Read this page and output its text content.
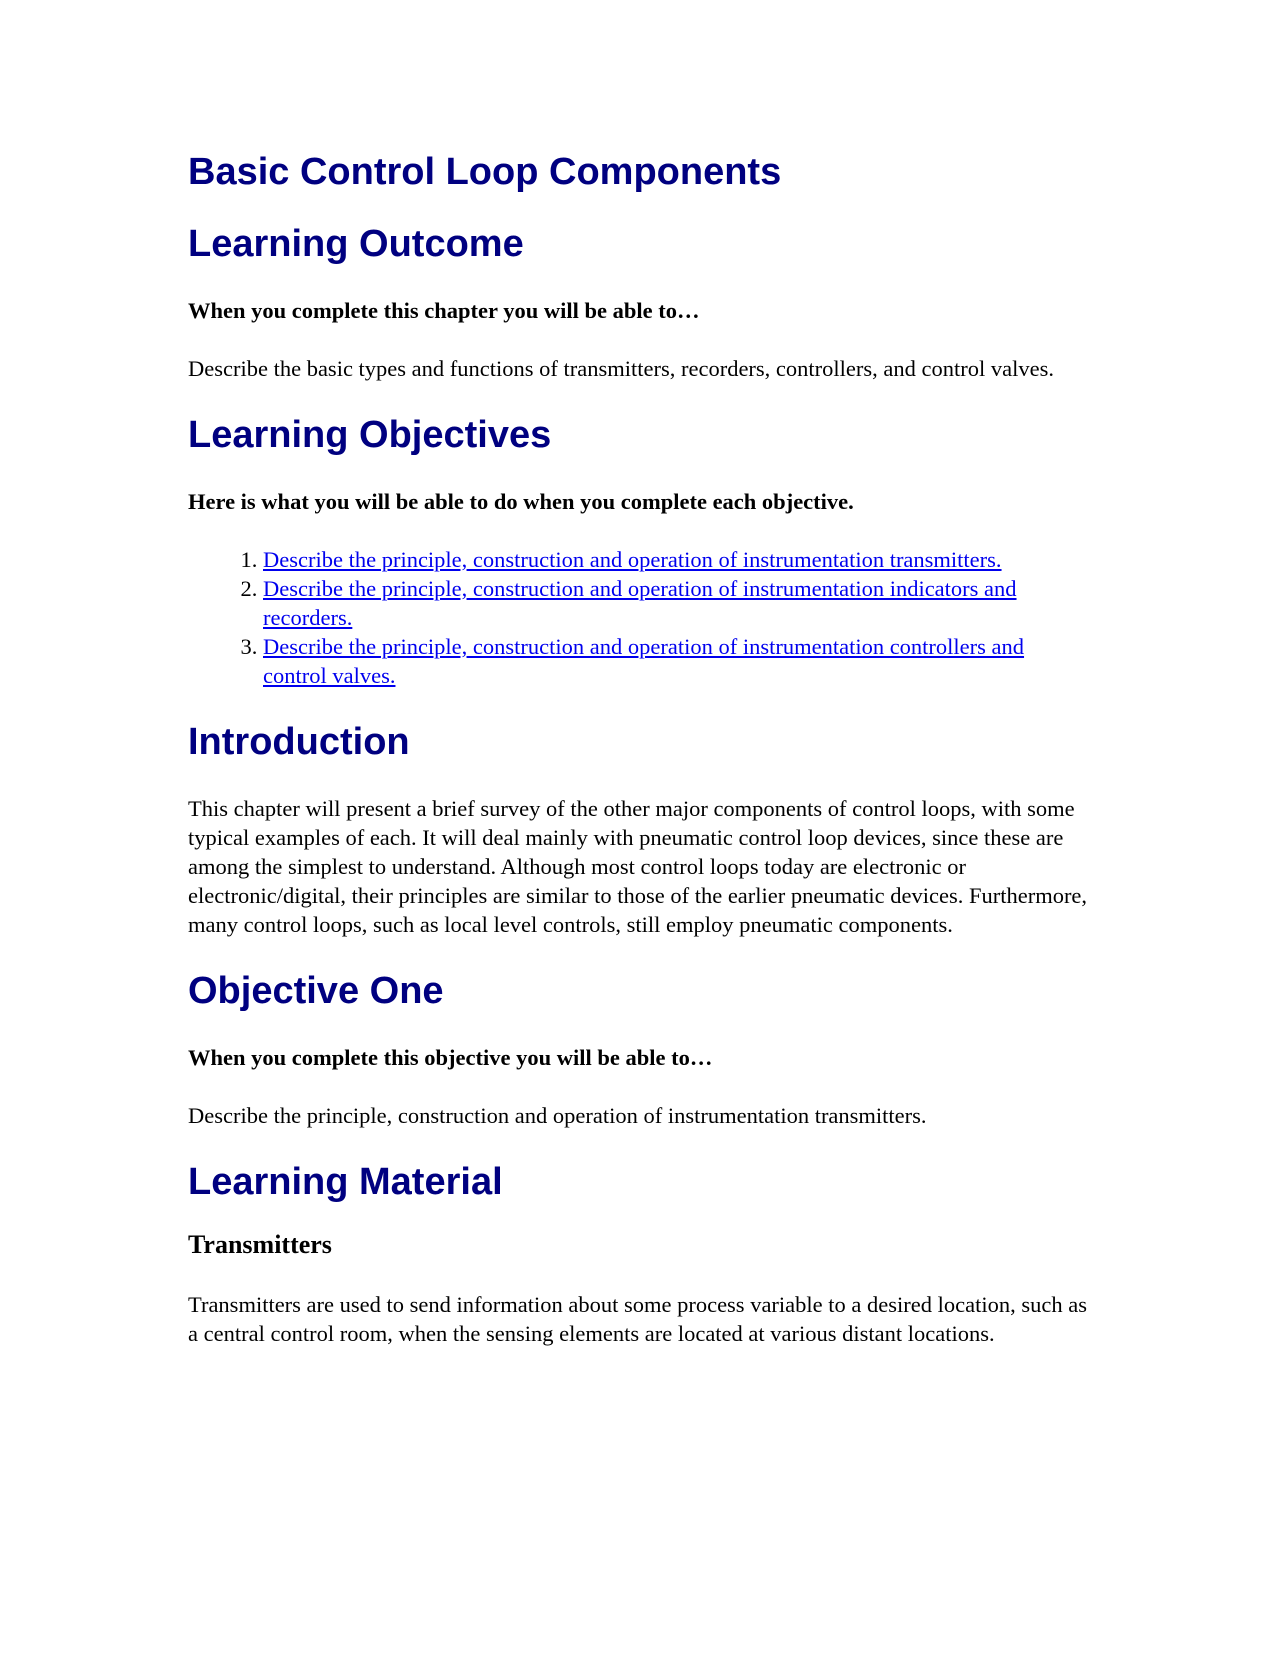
Basic Control Loop Components
Learning Outcome

When you complete this chapter you will be able to…

Describe the basic types and functions of transmitters, recorders, controllers, and control valves.

Learning Objectives

Here is what you will be able to do when you complete each objective.

1. Describe the principle, construction and operation of instrumentation transmitters.
2. Describe the principle, construction and operation of instrumentation indicators and recorders.
3. Describe the principle, construction and operation of instrumentation controllers and control valves.
Introduction

This chapter will present a brief survey of the other major components of control loops, with some typical examples of each. It will deal mainly with pneumatic control loop devices, since these are among the simplest to understand. Although most control loops today are electronic or electronic/digital, their principles are similar to those of the earlier pneumatic devices. Furthermore, many control loops, such as local level controls, still employ pneumatic components.

Objective One

When you complete this objective you will be able to…

Describe the principle, construction and operation of instrumentation transmitters.

Learning Material
Transmitters

Transmitters are used to send information about some process variable to a desired location, such as a central control room, when the sensing elements are located at various distant locations.
